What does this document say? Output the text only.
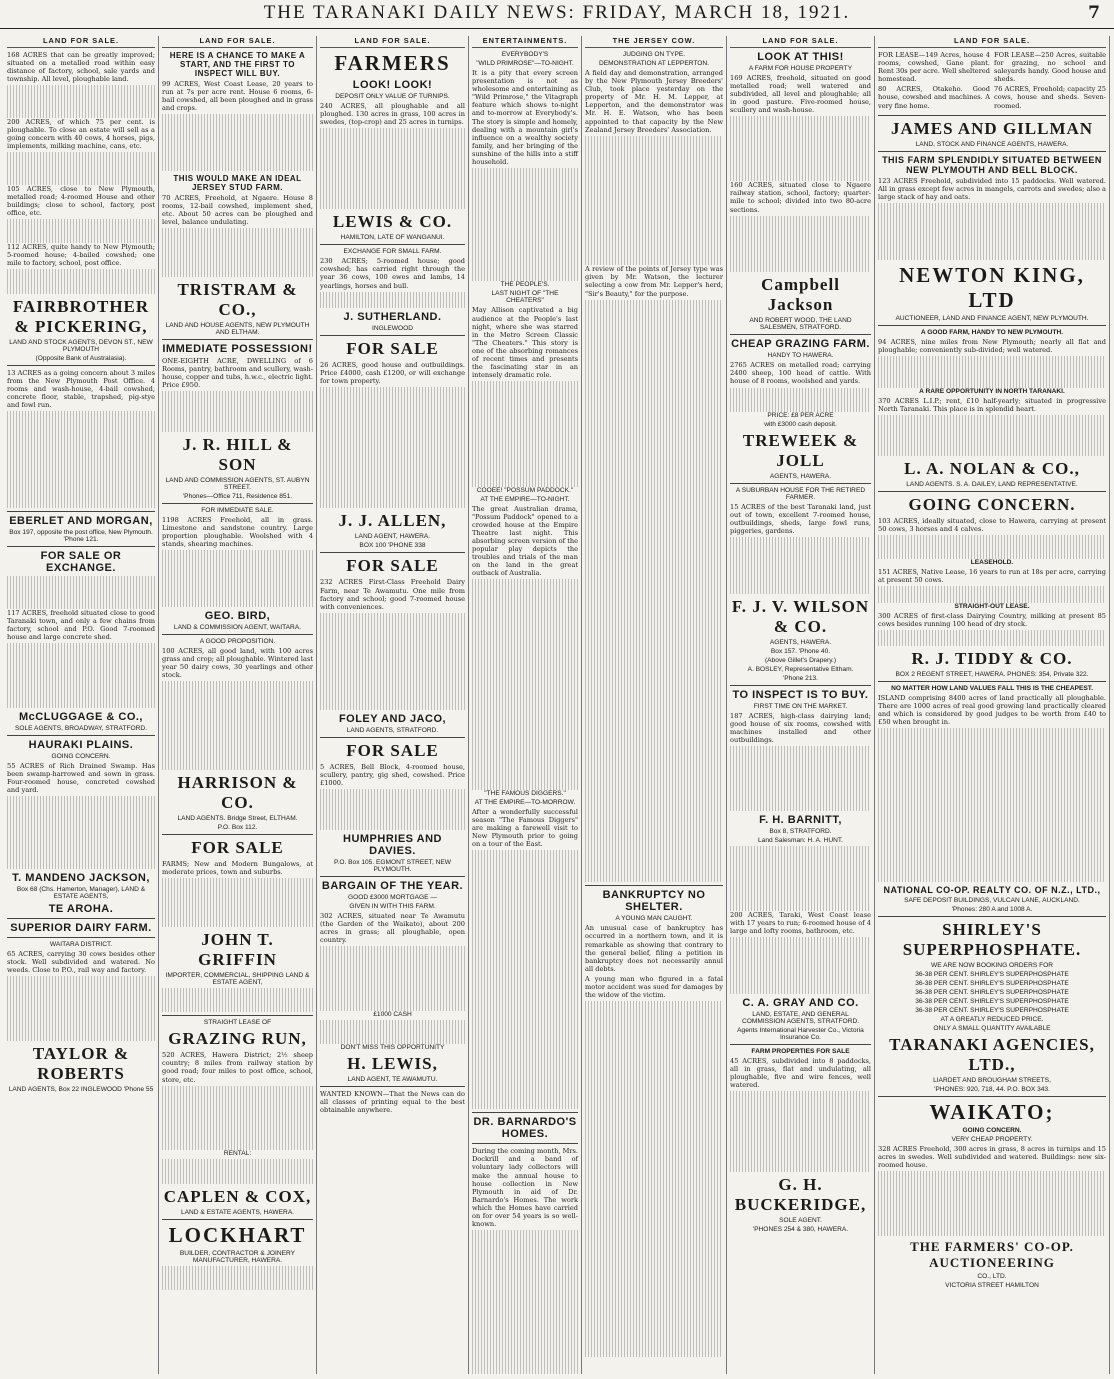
THE TARANAKI DAILY NEWS: FRIDAY, MARCH 18, 1921.	7
LAND FOR SALE.

168 ACRES that can be greatly improved; situated on a metalled road within easy distance of factory, school, sale yards and township. All level, ploughable land.

200 ACRES, of which 75 per cent. is ploughable. To close an estate will sell as a going concern with 40 cows, 4 horses, pigs, implements, milking machine, cans, etc.

105 ACRES, close to New Plymouth, metalled road; 4-roomed House and other buildings; close to school, factory, post office, etc.

112 ACRES, quite handy to New Plymouth; 5-roomed house; 4-bailed cowshed; one mile to factory, school, post office.

FAIRBROTHER & PICKERING,
LAND AND STOCK AGENTS, DEVON ST., NEW PLYMOUTH
(Opposite Bank of Australasia).

13 ACRES as a going concern about 3 miles from the New Plymouth Post Office. 4 rooms and wash-house, 4-bail cowshed, concrete floor, stable, trapshed, pig-stye and fowl run.

EBERLET AND MORGAN,
Box 197, opposite the post office, New Plymouth. 'Phone 121.
FOR SALE OR EXCHANGE.

117 ACRES, freehold situated close to good Taranaki town, and only a few chains from factory, school and P.O. Good 7-roomed house and large concrete shed.

McCLUGGAGE & CO.,
SOLE AGENTS, BROADWAY, STRATFORD.
HAURAKI PLAINS.
GOING CONCERN.

55 ACRES of Rich Drained Swamp. Has been swamp-harrowed and sown in grass. Four-roomed house, concreted cowshed and yard.

T. MANDENO JACKSON,
Box 68 (Chs. Hamerton, Manager), LAND & ESTATE AGENTS,
TE AROHA.
SUPERIOR DAIRY FARM.
WAITARA DISTRICT.

65 ACRES, carrying 30 cows besides other stock. Well subdivided and watered. No weeds. Close to P.O., rail way and factory.

TAYLOR & ROBERTS
LAND AGENTS, Box 22 INGLEWOOD 'Phone 55
LAND FOR SALE.
HERE IS A CHANCE TO MAKE A START, AND THE FIRST TO INSPECT WILL BUY.

99 ACRES, West Coast Lease, 20 years to run at 7s per acre rent. House 6 rooms, 6-bail cowshed, all been ploughed and in grass and crops.

THIS WOULD MAKE AN IDEAL JERSEY STUD FARM.

70 ACRES, Freehold, at Ngaere. House 8 rooms, 12-bail cowshed, implement shed, etc. About 50 acres can be ploughed and level, balance undulating.

TRISTRAM & CO.,
LAND AND HOUSE AGENTS, NEW PLYMOUTH AND ELTHAM.
IMMEDIATE POSSESSION!

ONE-EIGHTH ACRE, DWELLING of 6 Rooms, pantry, bathroom and scullery, wash-house, copper and tubs, h.w.c., electric light. Price £950.

J. R. HILL & SON
LAND AND COMMISSION AGENTS, ST. AUBYN STREET.
'Phones—Office 711, Residence 851.
FOR IMMEDIATE SALE.

1198 ACRES Freehold, all in grass. Limestone and sandstone country. Large proportion ploughable. Woolshed with 4 stands, shearing machines.

GEO. BIRD,
LAND & COMMISSION AGENT, WAITARA.
A GOOD PROPOSITION.

100 ACRES, all good land, with 100 acres grass and crop; all ploughable. Wintered last year 50 dairy cows, 30 yearlings and other stock.

HARRISON & CO.
LAND AGENTS. Bridge Street, ELTHAM.
P.O. Box 112.
FOR SALE

FARMS; New and Modern Bungalows, at moderate prices, town and suburbs.

JOHN T. GRIFFIN
IMPORTER, COMMERCIAL, SHIPPING LAND & ESTATE AGENT,
STRAIGHT LEASE OF
GRAZING RUN,

520 ACRES, Hawera District; 2½ sheep country; 8 miles from railway station by good road; four miles to post office, school, store, etc.

RENTAL:
CAPLEN & COX,
LAND & ESTATE AGENTS, HAWERA.
LOCKHART
BUILDER, CONTRACTOR & JOINERY MANUFACTURER, HAWERA.
LAND FOR SALE.
FARMERS
LOOK! LOOK!
DEPOSIT ONLY VALUE OF TURNIPS.

240 ACRES, all ploughable and all ploughed. 130 acres in grass, 100 acres in swedes, (top-crop) and 25 acres in turnips.

LEWIS & CO.
HAMILTON, LATE OF WANGANUI.
EXCHANGE FOR SMALL FARM.

230 ACRES; 5-roomed house; good cowshed; has carried right through the year 36 cows, 100 ewes and lambs, 14 yearlings, horses and bull.

J. SUTHERLAND.
INGLEWOOD
FOR SALE

26 ACRES, good house and outbuildings. Price £4000, cash £1200, or will exchange for town property.

J. J. ALLEN,
LAND AGENT, HAWERA.
BOX 100 'PHONE 338
FOR SALE

232 ACRES First-Class Freehold Dairy Farm, near Te Awamutu. One mile from factory and school; good 7-roomed house with conveniences.

FOLEY AND JACO,
LAND AGENTS, STRATFORD.
FOR SALE

5 ACRES, Bell Block, 4-roomed house, scullery, pantry, gig shed, cowshed. Price £1000.

HUMPHRIES AND DAVIES.
P.O. Box 105. EGMONT STREET, NEW PLYMOUTH.
BARGAIN OF THE YEAR.
GOOD £3000 MORTGAGE —
GIVEN IN WITH THIS FARM.

302 ACRES, situated near Te Awamutu (the Garden of the Waikato), about 200 acres in grass; all ploughable, open country.

£1000 CASH
DON'T MISS THIS OPPORTUNITY
H. LEWIS,
LAND AGENT, TE AWAMUTU.

WANTED KNOWN—That the News can do all classes of printing equal to the best obtainable anywhere.

ENTERTAINMENTS.
EVERYBODY'S
"WILD PRIMROSE"—TO-NIGHT.

It is a pity that every screen presentation is not as wholesome and entertaining as "Wild Primrose," the Vitagraph feature which shows to-night and to-morrow at Everybody's. The story is simple and homely, dealing with a mountain girl's influence on a wealthy society family, and her bringing of the sunshine of the hills into a stiff household.

THE PEOPLE'S.
LAST NIGHT OF "THE CHEATERS"

May Allison captivated a big audience at the People's last night, where she was starred in the Metro Screen Classic "The Cheaters." This story is one of the absorbing romances of recent times and presents the fascinating star in an intensely dramatic role.

COOEE! "POSSUM PADDOCK."
AT THE EMPIRE—TO-NIGHT.

The great Australian drama, "Possum Paddock" opened to a crowded house at the Empire Theatre last night. This absorbing screen version of the popular play depicts the troubles and trials of the man on the land in the great outback of Australia.

"THE FAMOUS DIGGERS."
AT THE EMPIRE—TO-MORROW.

After a wonderfully successful season "The Famous Diggers" are making a farewell visit to New Plymouth prior to going on a tour of the East.

DR. BARNARDO'S HOMES.

During the coming month, Mrs. Dockrill and a band of voluntary lady collectors will make the annual house to house collection in New Plymouth in aid of Dr. Barnardo's Homes. The work which the Homes have carried on for over 54 years is so well-known.

THE JERSEY COW.
JUDGING ON TYPE.
DEMONSTRATION AT LEPPERTON.

A field day and demonstration, arranged by the New Plymouth Jersey Breeders' Club, took place yesterday on the property of Mr. H. M. Lepper, at Lepperton, and the demonstrator was Mr. H. E. Watson, who has been appointed to that capacity by the New Zealand Jersey Breeders' Association.

A review of the points of Jersey type was given by Mr. Watson, the lecturer selecting a cow from Mr. Lepper's herd, "Sir's Beauty," for the purpose.

BANKRUPTCY NO SHELTER.
A YOUNG MAN CAUGHT.

An unusual case of bankruptcy has occurred in a northern town, and it is remarkable as showing that contrary to the general belief, filing a petition in bankruptcy does not necessarily annul all debts.

A young man who figured in a fatal motor accident was sued for damages by the widow of the victim.

LAND FOR SALE.
LOOK AT THIS!
A FARM FOR HOUSE PROPERTY

169 ACRES, freehold, situated on good metalled road; well watered and subdivided, all level and ploughable; all in good pasture. Five-roomed house, scullery and wash-house.

160 ACRES, situated close to Ngaere railway station, school, factory; quarter-mile to school; divided into two 80-acre sections.

Campbell Jackson
AND ROBERT WOOD, THE LAND SALESMEN, STRATFORD.
CHEAP GRAZING FARM.
HANDY TO HAWERA.

2765 ACRES on metalled road; carrying 2400 sheep, 100 head of cattle. With house of 8 rooms, woolshed and yards.

PRICE: £8 PER ACRE
with £3000 cash deposit.
TREWEEK & JOLL
AGENTS, HAWERA.
A SUBURBAN HOUSE FOR THE RETIRED FARMER.

15 ACRES of the best Taranaki land, just out of town, excellent 7-roomed house, outbuildings, sheds, large fowl runs, piggeries, gardens.

F. J. V. WILSON & CO.
AGENTS, HAWERA.
Box 157. 'Phone 40.
(Above Gillet's Drapery.)
A. BOSLEY, Representative Eltham.
'Phone 213.
TO INSPECT IS TO BUY.
FIRST TIME ON THE MARKET.

187 ACRES, high-class dairying land; good house of six rooms, cowshed with machines installed and other outbuildings.

F. H. BARNITT,
Box 8, STRATFORD.
Land Salesman: H. A. HUNT.

200 ACRES, Taraki, West Coast lease with 17 years to run; 6-roomed house of 4 large and lofty rooms, bathroom, etc.

C. A. GRAY AND CO.
LAND, ESTATE, AND GENERAL COMMISSION AGENTS, STRATFORD.
Agents International Harvester Co., Victoria Insurance Co.
FARM PROPERTIES FOR SALE

45 ACRES, subdivided into 8 paddocks, all in grass, flat and undulating, all ploughable, five and wire fences, well watered.

G. H. BUCKERIDGE,
SOLE AGENT.
'PHONES 254 & 380, HAWERA.
LAND FOR SALE.

FOR LEASE—149 Acres, house 4 rooms, cowshed, Gane plant. Rent 30s per acre. Well sheltered homestead.

80 ACRES, Otakeho. Good house, cowshed and machines. A very fine home.

FOR LEASE—250 Acres, suitable for grazing, no school and saleyards handy. Good house and sheds.

76 ACRES, Freehold; capacity 25 cows, house and sheds. Seven-roomed.

JAMES AND GILLMAN
LAND, STOCK AND FINANCE AGENTS, HAWERA.
THIS FARM SPLENDIDLY SITUATED BETWEEN NEW PLYMOUTH AND BELL BLOCK.

123 ACRES Freehold, subdivided into 15 paddocks. Well watered. All in grass except few acres in mangels, carrots and swedes; also a large stack of hay and oats.

NEWTON KING, LTD
AUCTIONEER, LAND AND FINANCE AGENT, NEW PLYMOUTH.
A GOOD FARM, HANDY TO NEW PLYMOUTH.

94 ACRES, nine miles from New Plymouth; nearly all flat and ploughable; conveniently sub-divided; well watered.

A RARE OPPORTUNITY IN NORTH TARANAKI.

370 ACRES L.I.P.; rent, £10 half-yearly; situated in progressive North Taranaki. This place is in splendid heart.

L. A. NOLAN & CO.,
LAND AGENTS. S. A. DAILEY, LAND REPRESENTATIVE.
GOING CONCERN.

103 ACRES, ideally situated, close to Hawera, carrying at present 50 cows, 3 horses and 4 calves.

LEASEHOLD.

151 ACRES, Native Lease, 16 years to run at 18s per acre, carrying at present 50 cows.

STRAIGHT-OUT LEASE.

300 ACRES of first-class Dairying Country, milking at present 85 cows besides running 100 head of dry stock.

R. J. TIDDY & CO.
BOX 2 REGENT STREET, HAWERA. PHONES: 354, Private 322.
NO MATTER HOW LAND VALUES FALL THIS IS THE CHEAPEST.

ISLAND comprising 8400 acres of land practically all ploughable. There are 1000 acres of real good growing land practically cleared and which is considered by good judges to be worth from £40 to £50 when brought in.

NATIONAL CO-OP. REALTY CO. OF N.Z., LTD.,
SAFE DEPOSIT BUILDINGS, VULCAN LANE, AUCKLAND.
'Phones: 280 A and 1008 A.
SHIRLEY'S SUPERPHOSPHATE.
WE ARE NOW BOOKING ORDERS FOR
36-38 PER CENT. SHIRLEY'S SUPERPHOSPHATE
36-38 PER CENT. SHIRLEY'S SUPERPHOSPHATE
36-38 PER CENT. SHIRLEY'S SUPERPHOSPHATE
36-38 PER CENT. SHIRLEY'S SUPERPHOSPHATE
36-38 PER CENT. SHIRLEY'S SUPERPHOSPHATE
AT A GREATLY REDUCED PRICE.
ONLY A SMALL QUANTITY AVAILABLE
TARANAKI AGENCIES, LTD.,
LIARDET AND BROUGHAM STREETS,
'PHONES: 920, 718, 44. P.O. BOX 343.
WAIKATO;
GOING CONCERN.
VERY CHEAP PROPERTY.

328 ACRES Freehold, 300 acres in grass, 8 acres in turnips and 15 acres in swedes. Well subdivided and watered. Buildings: new six-roomed house.

THE FARMERS' CO-OP. AUCTIONEERING
CO., LTD.
VICTORIA STREET HAMILTON
